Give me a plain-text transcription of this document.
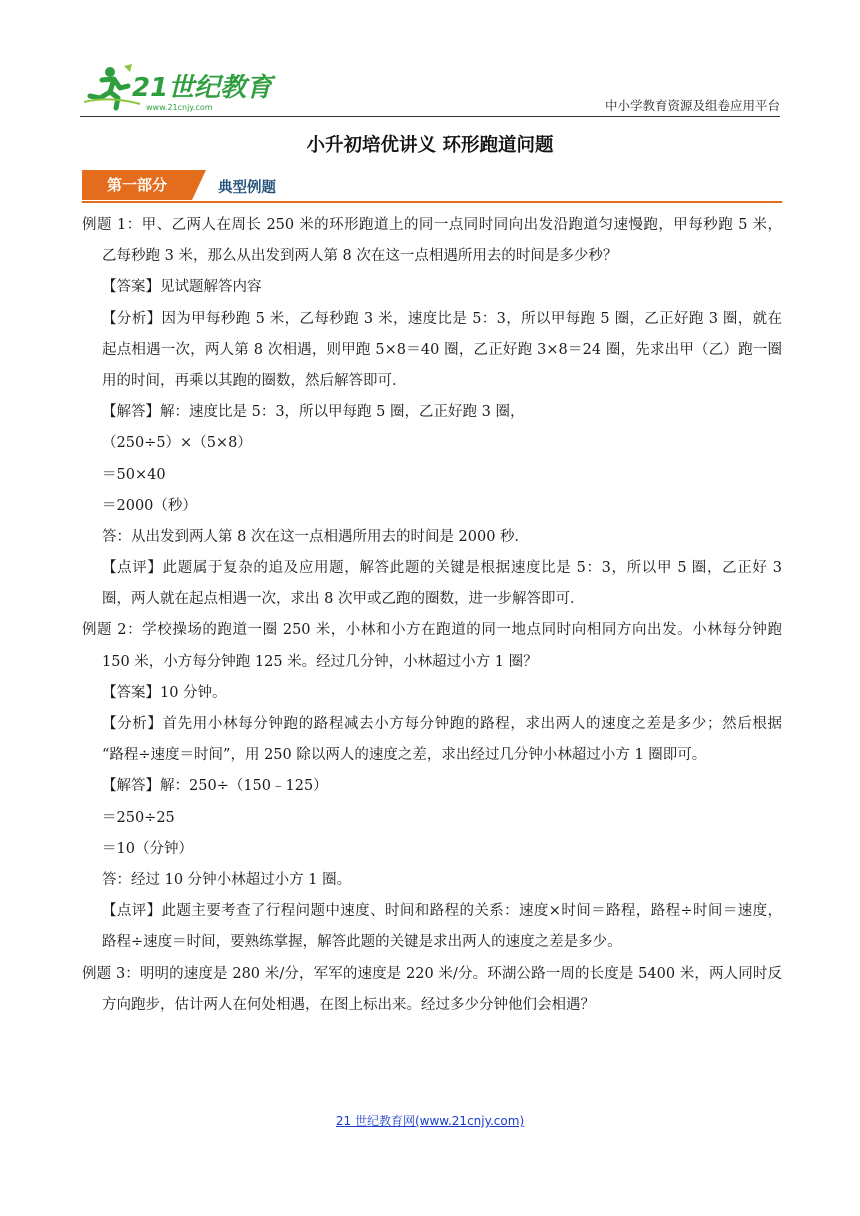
21世纪教育
www.21cnjy.com	中小学教育资源及组卷应用平台
小升初培优讲义 环形跑道问题
第一部分	典型例题
例题 1：甲、乙两人在周长 250 米的环形跑道上的同一点同时同向出发沿跑道匀速慢跑，甲每秒跑 5 米，
乙每秒跑 3 米，那么从出发到两人第 8 次在这一点相遇所用去的时间是多少秒？
【答案】见试题解答内容
【分析】因为甲每秒跑 5 米，乙每秒跑 3 米，速度比是 5：3，所以甲每跑 5 圈，乙正好跑 3 圈，就在
起点相遇一次，两人第 8 次相遇，则甲跑 5×8＝40 圈，乙正好跑 3×8＝24 圈，先求出甲（乙）跑一圈
用的时间，再乘以其跑的圈数，然后解答即可．
【解答】解：速度比是 5：3，所以甲每跑 5 圈，乙正好跑 3 圈，
（250÷5）×（5×8）
＝50×40
＝2000（秒）
答：从出发到两人第 8 次在这一点相遇所用去的时间是 2000 秒．
【点评】此题属于复杂的追及应用题，解答此题的关键是根据速度比是 5：3，所以甲 5 圈，乙正好 3
圈，两人就在起点相遇一次，求出 8 次甲或乙跑的圈数，进一步解答即可．
例题 2：学校操场的跑道一圈 250 米，小林和小方在跑道的同一地点同时向相同方向出发。小林每分钟跑
150 米，小方每分钟跑 125 米。经过几分钟，小林超过小方 1 圈？
【答案】10 分钟。
【分析】首先用小林每分钟跑的路程减去小方每分钟跑的路程，求出两人的速度之差是多少；然后根据
“路程÷速度＝时间”，用 250 除以两人的速度之差，求出经过几分钟小林超过小方 1 圈即可。
【解答】解：250÷（150﹣125）
＝250÷25
＝10（分钟）
答：经过 10 分钟小林超过小方 1 圈。
【点评】此题主要考查了行程问题中速度、时间和路程的关系：速度×时间＝路程，路程÷时间＝速度，
路程÷速度＝时间，要熟练掌握，解答此题的关键是求出两人的速度之差是多少。
例题 3：明明的速度是 280 米/分，军军的速度是 220 米/分。环湖公路一周的长度是 5400 米，两人同时反
方向跑步，估计两人在何处相遇，在图上标出来。经过多少分钟他们会相遇？
21 世纪教育网(www.21cnjy.com)
